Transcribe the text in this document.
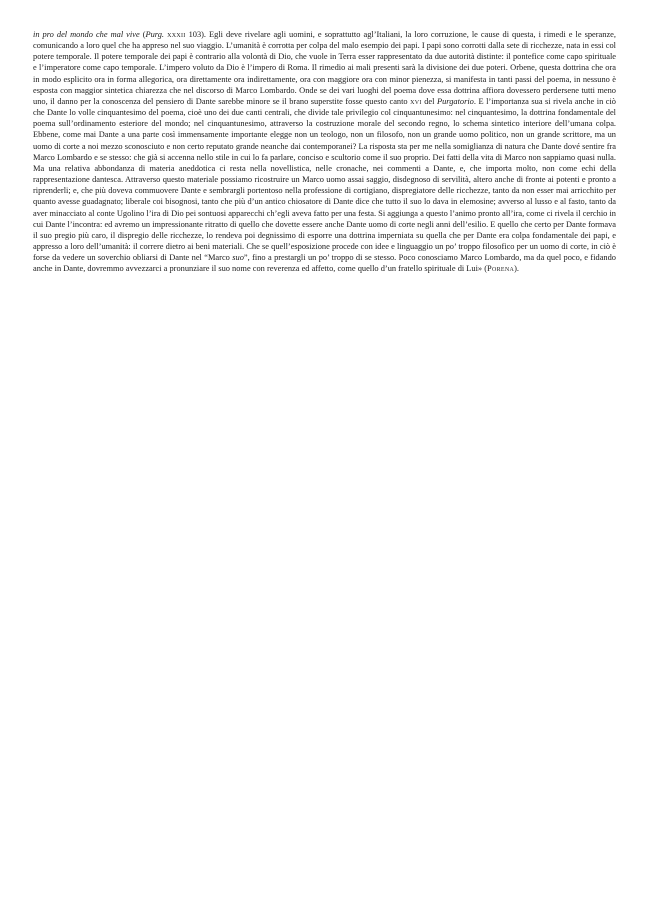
in pro del mondo che mal vive (Purg. xxxii 103). Egli deve rivelare agli uomini, e soprattutto agl’Italiani, la loro corruzione, le cause di questa, i rimedi e le speranze, comunicando a loro quel che ha appreso nel suo viaggio. L’umanità è corrotta per colpa del malo esempio dei papi. I papi sono corrotti dalla sete di ricchezze, nata in essi col potere temporale. Il potere temporale dei papi è contrario alla volontà di Dio, che vuole in Terra esser rappresentato da due autorità distinte: il pontefice come capo spirituale e l’imperatore come capo temporale. L’impero voluto da Dio è l’impero di Roma. Il rimedio ai mali presenti sarà la divisione dei due poteri. Orbene, questa dottrina che ora in modo esplicito ora in forma allegorica, ora direttamente ora indirettamente, ora con maggiore ora con minor pienezza, si manifesta in tanti passi del poema, in nessuno è esposta con maggior sintetica chiarezza che nel discorso di Marco Lombardo. Onde se dei vari luoghi del poema dove essa dottrina affiora dovessero perdersene tutti meno uno, il danno per la conoscenza del pensiero di Dante sarebbe minore se il brano superstite fosse questo canto xvi del Purgatorio. E l’importanza sua si rivela anche in ciò che Dante lo volle cinquantesimo del poema, cioè uno dei due canti centrali, che divide tale privilegio col cinquantunesimo: nel cinquantesimo, la dottrina fondamentale del poema sull’ordinamento esteriore del mondo; nel cinquantunesimo, attraverso la costruzione morale del secondo regno, lo schema sintetico interiore dell’umana colpa. Ebbene, come mai Dante a una parte così immensamente importante elegge non un teologo, non un filosofo, non un grande uomo politico, non un grande scrittore, ma un uomo di corte a noi mezzo sconosciuto e non certo reputato grande neanche dai contemporanei? La risposta sta per me nella somiglianza di natura che Dante dové sentire fra Marco Lombardo e se stesso: che già si accenna nello stile in cui lo fa parlare, conciso e scultorio come il suo proprio. Dei fatti della vita di Marco non sappiamo quasi nulla. Ma una relativa abbondanza di materia aneddotica ci resta nella novellistica, nelle cronache, nei commenti a Dante, e, che importa molto, non come echi della rappresentazione dantesca. Attraverso questo materiale possiamo ricostruire un Marco uomo assai saggio, disdegnoso di servilità, altero anche di fronte ai potenti e pronto a riprenderli; e, che più doveva commuovere Dante e sembrargli portentoso nella professione di cortigiano, dispregiatore delle ricchezze, tanto da non esser mai arricchito per quanto avesse guadagnato; liberale coi bisognosi, tanto che più d’un antico chiosatore di Dante dice che tutto il suo lo dava in elemosine; avverso al lusso e al fasto, tanto da aver minacciato al conte Ugolino l’ira di Dio pei sontuosi apparecchi ch’egli aveva fatto per una festa. Si aggiunga a questo l’animo pronto all’ira, come ci rivela il cerchio in cui Dante l’incontra: ed avremo un impressionante ritratto di quello che dovette essere anche Dante uomo di corte negli anni dell’esilio. E quello che certo per Dante formava il suo pregio più caro, il dispregio delle ricchezze, lo rendeva poi degnissimo di esporre una dottrina imperniata su quella che per Dante era colpa fondamentale dei papi, e appresso a loro dell’umanità: il correre dietro ai beni materiali. Che se quell’esposizione procede con idee e linguaggio un po’ troppo filosofico per un uomo di corte, in ciò è forse da vedere un soverchio obliarsi di Dante nel “Marco suo”, fino a prestargli un po’ troppo di se stesso. Poco conosciamo Marco Lombardo, ma da quel poco, e fidando anche in Dante, dovremmo avvezzarci a pronunziare il suo nome con reverenza ed affetto, come quello d’un fratello spirituale di Lui» (Porena).
